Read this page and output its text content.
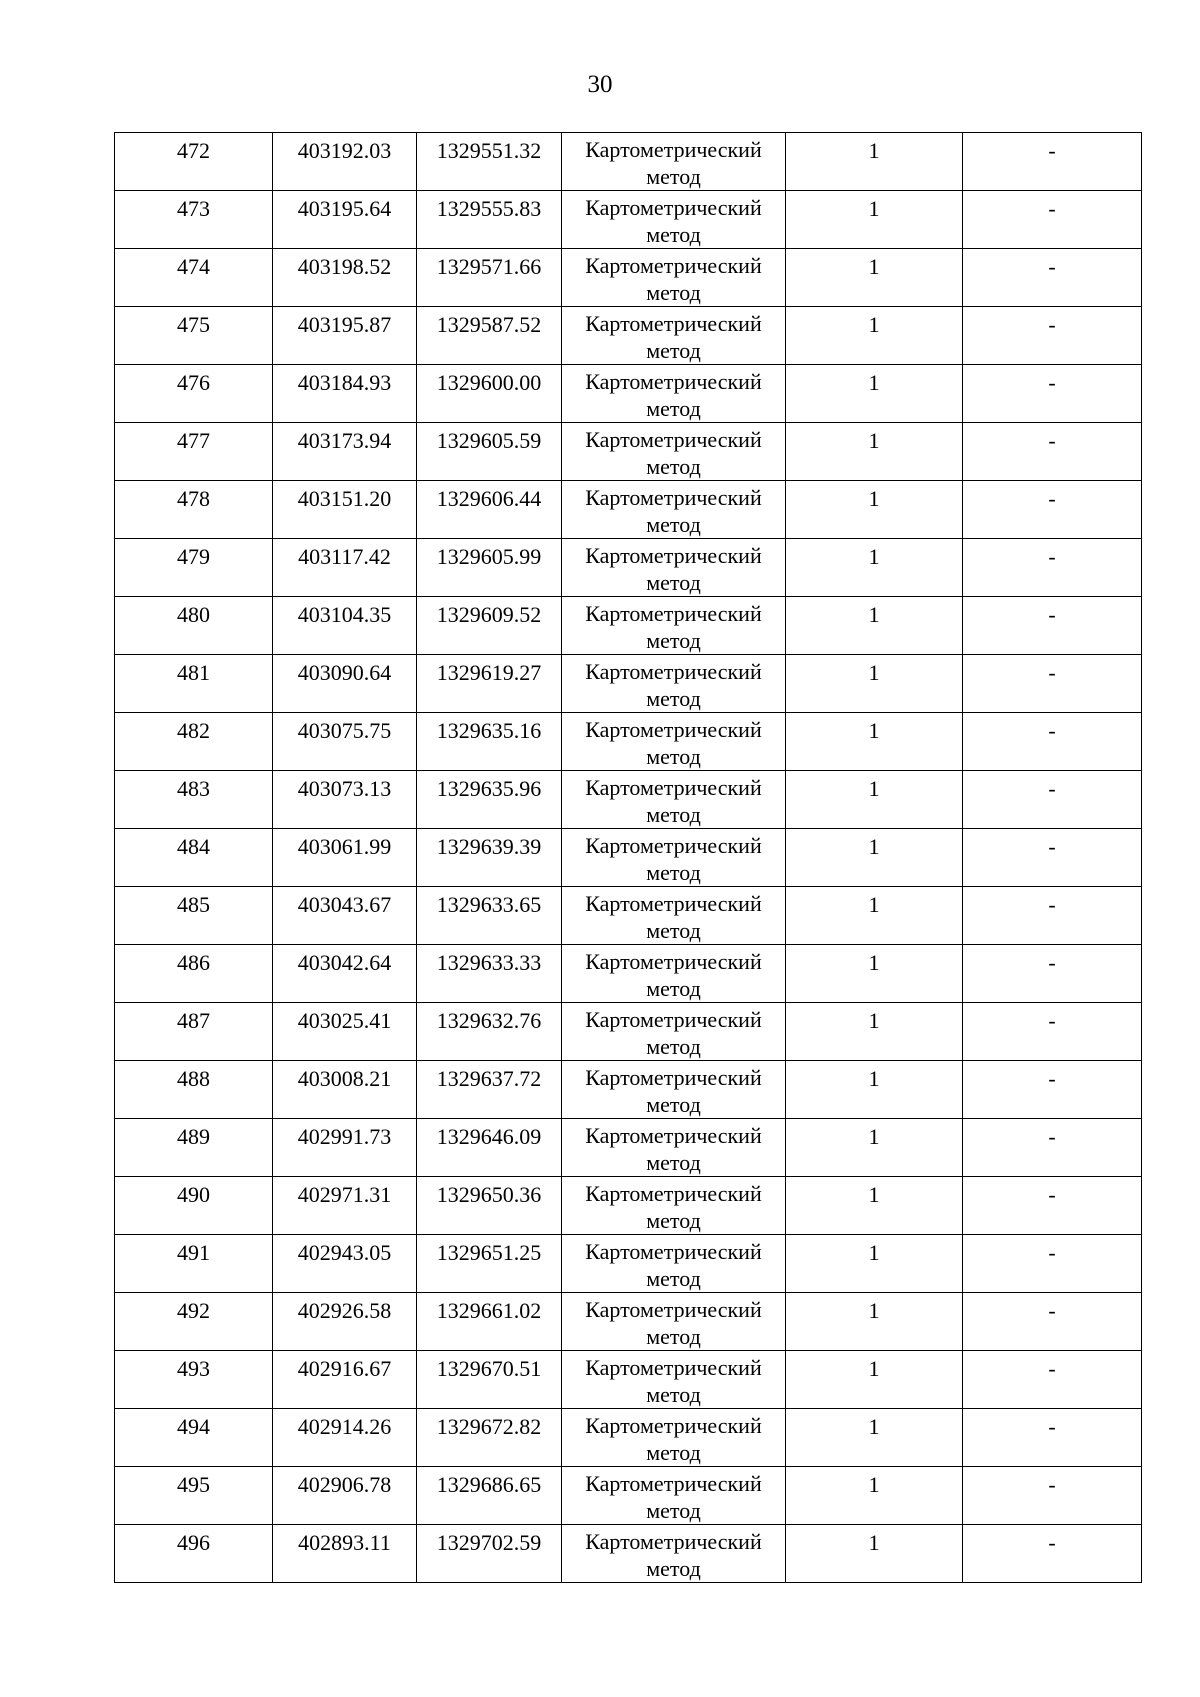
30
472	403192.03	1329551.32	Картометрический метод	1	-
473	403195.64	1329555.83	Картометрический метод	1	-
474	403198.52	1329571.66	Картометрический метод	1	-
475	403195.87	1329587.52	Картометрический метод	1	-
476	403184.93	1329600.00	Картометрический метод	1	-
477	403173.94	1329605.59	Картометрический метод	1	-
478	403151.20	1329606.44	Картометрический метод	1	-
479	403117.42	1329605.99	Картометрический метод	1	-
480	403104.35	1329609.52	Картометрический метод	1	-
481	403090.64	1329619.27	Картометрический метод	1	-
482	403075.75	1329635.16	Картометрический метод	1	-
483	403073.13	1329635.96	Картометрический метод	1	-
484	403061.99	1329639.39	Картометрический метод	1	-
485	403043.67	1329633.65	Картометрический метод	1	-
486	403042.64	1329633.33	Картометрический метод	1	-
487	403025.41	1329632.76	Картометрический метод	1	-
488	403008.21	1329637.72	Картометрический метод	1	-
489	402991.73	1329646.09	Картометрический метод	1	-
490	402971.31	1329650.36	Картометрический метод	1	-
491	402943.05	1329651.25	Картометрический метод	1	-
492	402926.58	1329661.02	Картометрический метод	1	-
493	402916.67	1329670.51	Картометрический метод	1	-
494	402914.26	1329672.82	Картометрический метод	1	-
495	402906.78	1329686.65	Картометрический метод	1	-
496	402893.11	1329702.59	Картометрический метод	1	-
